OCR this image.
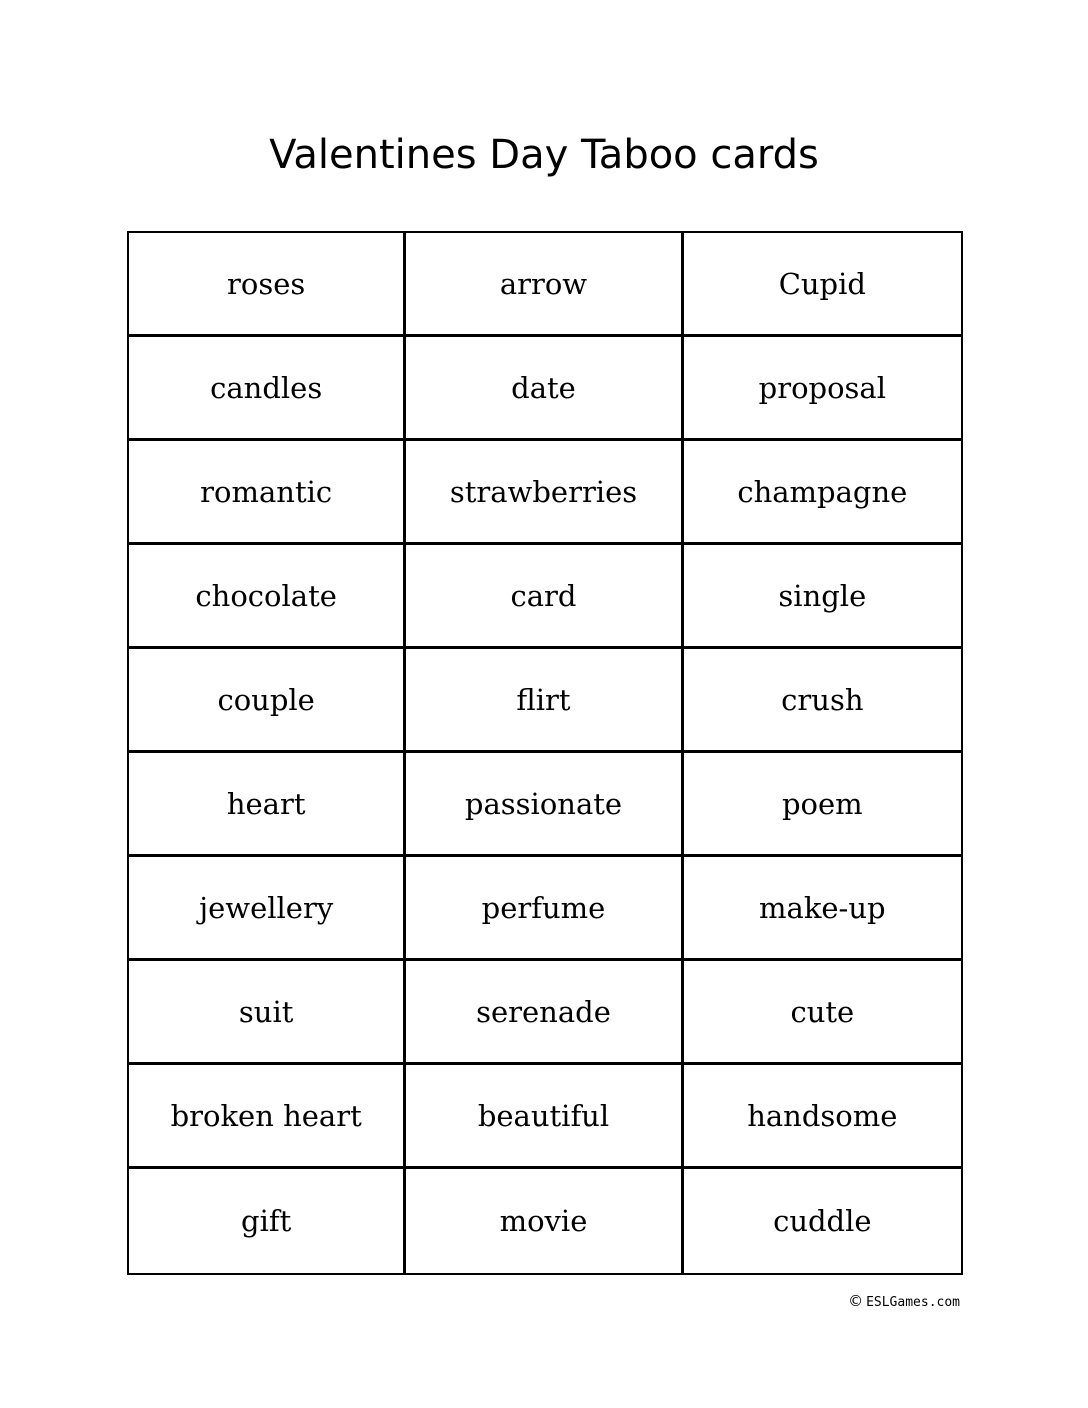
Valentines Day Taboo cards
roses	arrow	Cupid
candles	date	proposal
romantic	strawberries	champagne
chocolate	card	single
couple	flirt	crush
heart	passionate	poem
jewellery	perfume	make-up
suit	serenade	cute
broken heart	beautiful	handsome
gift	movie	cuddle
© ESLGames.com
